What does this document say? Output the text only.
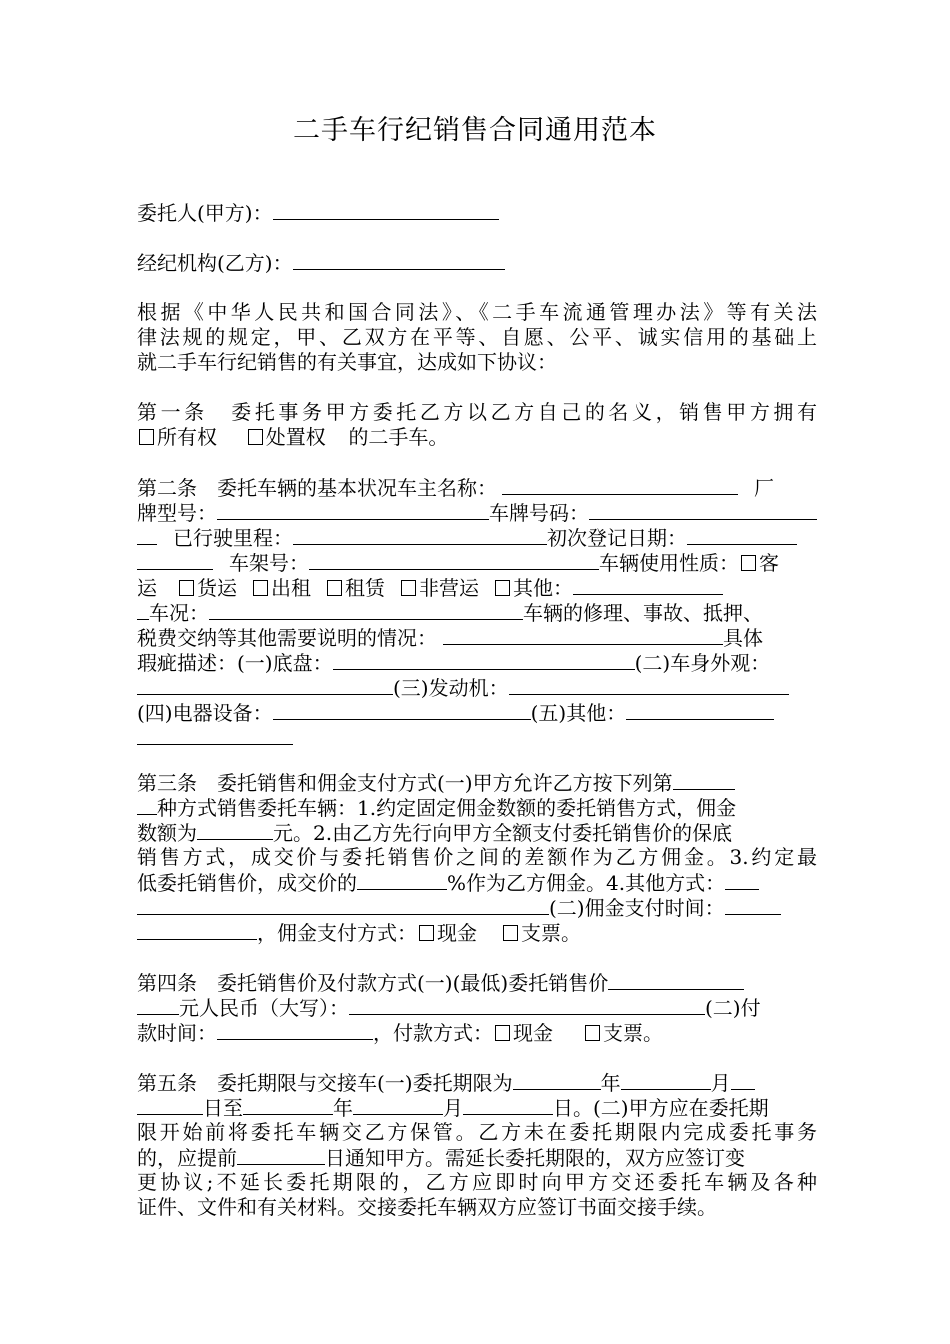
二手车行纪销售合同通用范本
委托人(甲方)：
经纪机构(乙方)：
根据《中华人民共和国合同法》、《二手车流通管理办法》等有关法
律法规的规定，甲、乙双方在平等、自愿、公平、诚实信用的基础上
就二手车行纪销售的有关事宜，达成如下协议：
第一条　委托事务甲方委托乙方以乙方自己的名义，销售甲方拥有
所有权 处置权 的二手车。
第二条　委托车辆的基本状况车主名称：	厂
牌型号：	车牌号码：
已行驶里程：	初次登记日期：
车架号：	车辆使用性质： 客
运 货运 出租 租赁 非营运 其他：
车况：	车辆的修理、事故、抵押、
税费交纳等其他需要说明的情况：	具体
瑕疵描述：(一)底盘：	(二)车身外观：
(三)发动机：
(四)电器设备：	(五)其他：
第三条　委托销售和佣金支付方式(一)甲方允许乙方按下列第
种方式销售委托车辆：1.约定固定佣金数额的委托销售方式，佣金
数额为	元。2.由乙方先行向甲方全额支付委托销售价的保底
销售方式，成交价与委托销售价之间的差额作为乙方佣金。3.约定最
低委托销售价，成交价的	%作为乙方佣金。4.其他方式：
(二)佣金支付时间：
，佣金支付方式： 现金 支票。
第四条　委托销售价及付款方式(一)(最低)委托销售价
元人民币（大写）：	(二)付
款时间：	，付款方式： 现金	支票。
第五条　委托期限与交接车(一)委托期限为	年	月
日至	年	月	日。(二)甲方应在委托期
限开始前将委托车辆交乙方保管。乙方未在委托期限内完成委托事务
的，应提前	日通知甲方。需延长委托期限的，双方应签订变
更协议;不延长委托期限的，乙方应即时向甲方交还委托车辆及各种
证件、文件和有关材料。交接委托车辆双方应签订书面交接手续。
